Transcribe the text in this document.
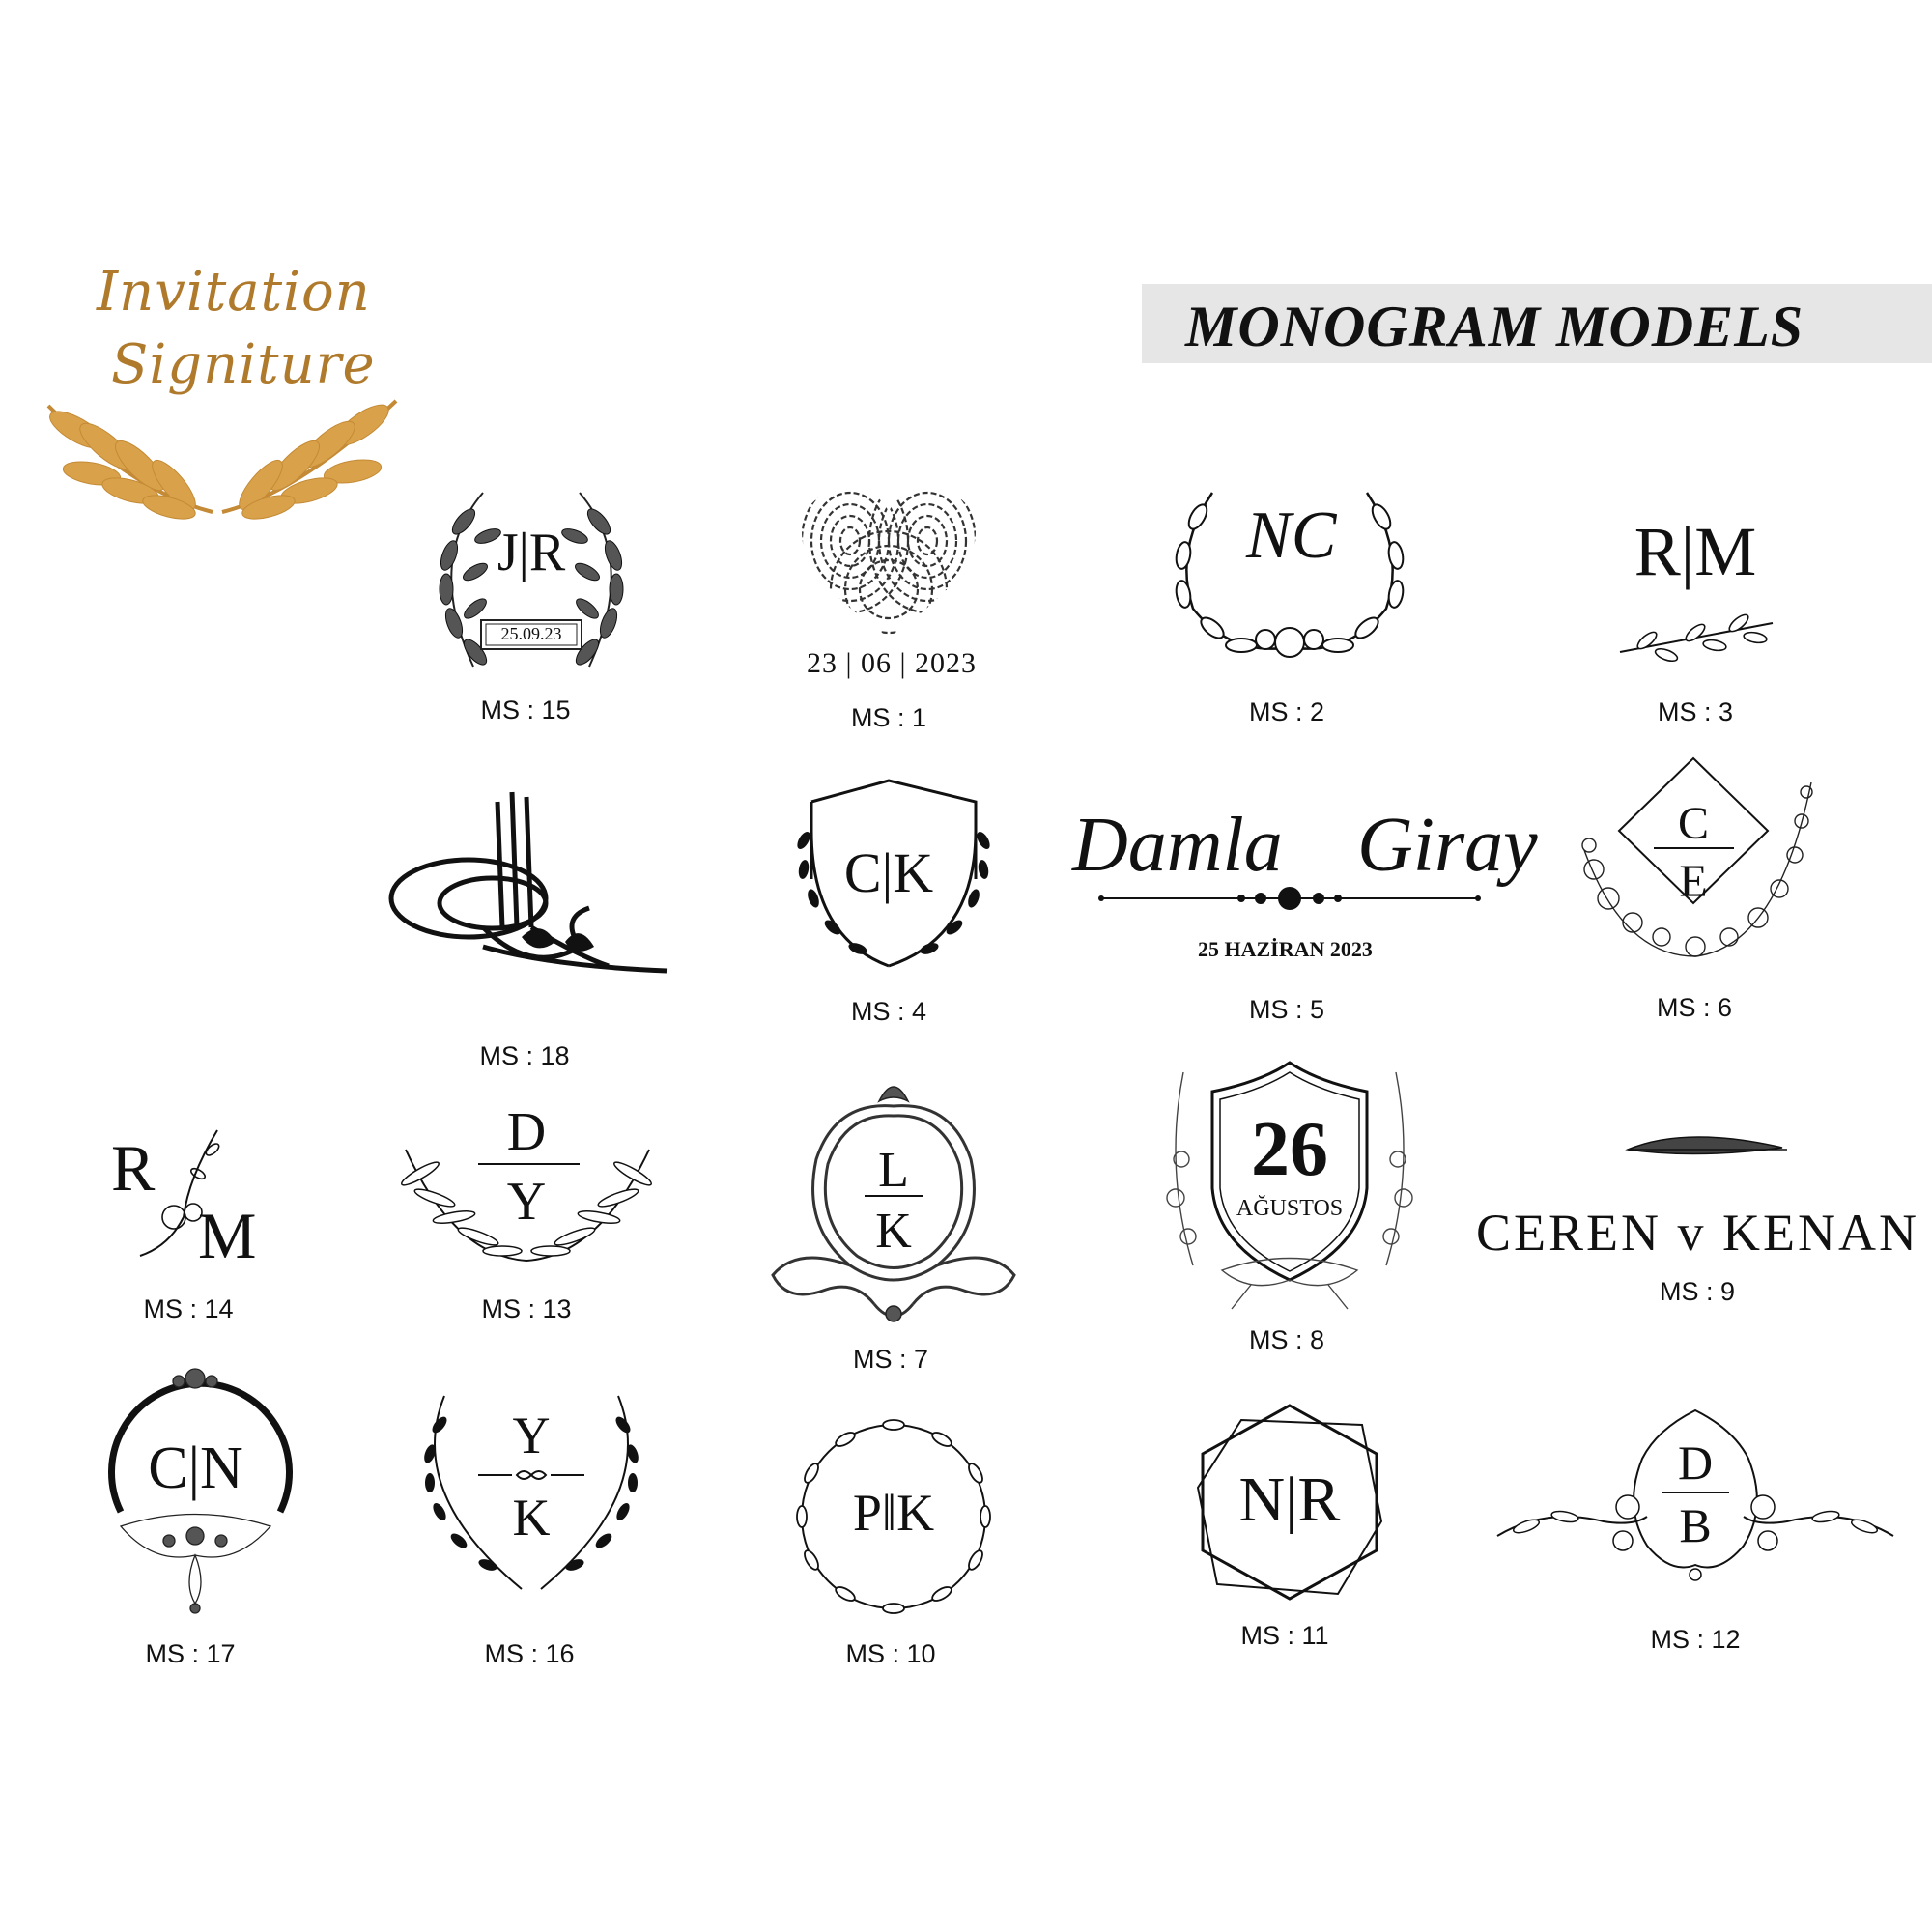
Invitation
Signiture
MONOGRAM MODELS
J|R
25.09.23
MS : 15
23 | 06 | 2023
MS : 1
NC
MS : 2
R|M
MS : 3
MS : 18
C|K
MS : 4
Damla Giray
25 HAZİRAN 2023
MS : 5
C
E
MS : 6
R
M
MS : 14
D
Y
MS : 13
L
K
MS : 7
26
AĞUSTOS
MS : 8
CEREN v KENAN
MS : 9
C|N
MS : 17
Y
K
MS : 16
P‖K
MS : 10
N|R
MS : 11
D
B
MS : 12
